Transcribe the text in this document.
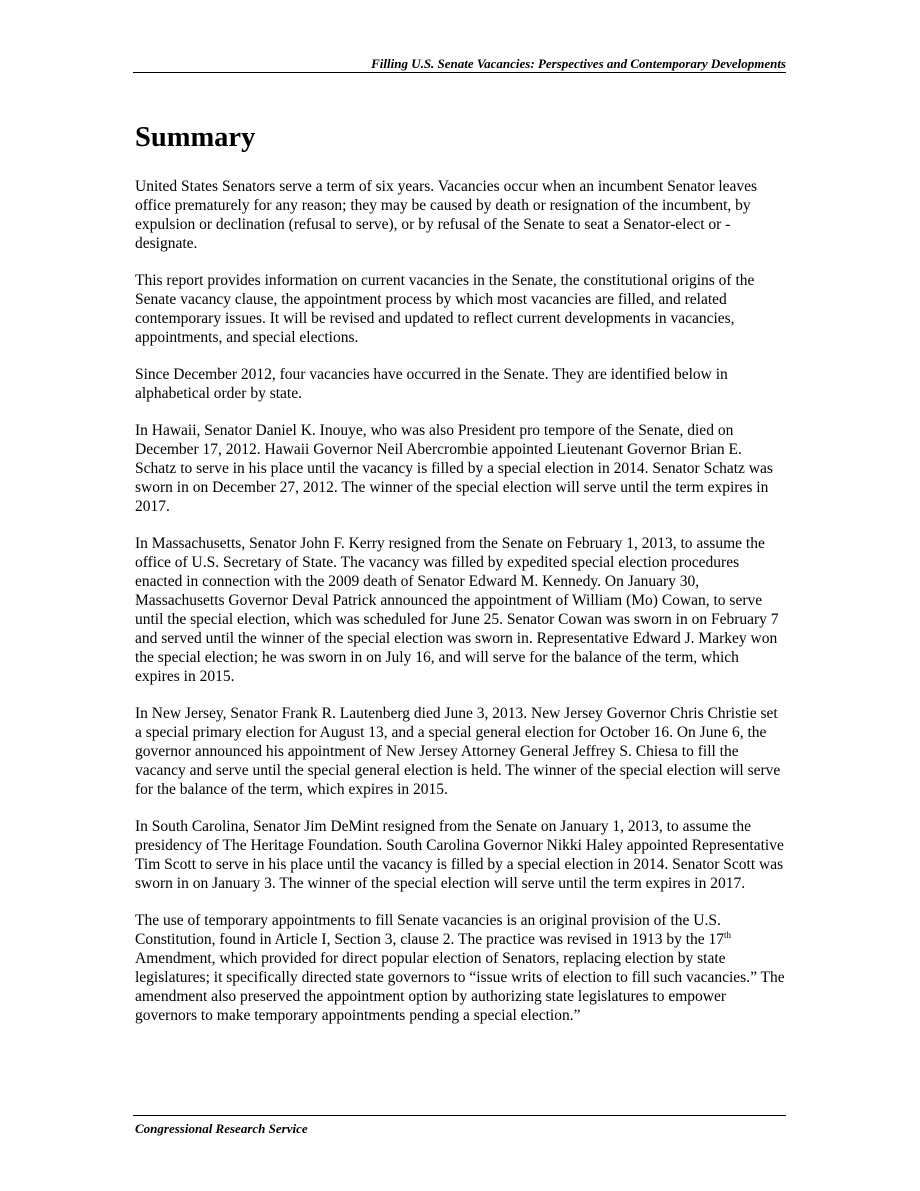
Filling U.S. Senate Vacancies: Perspectives and Contemporary Developments
Summary

United States Senators serve a term of six years. Vacancies occur when an incumbent Senator leaves office prematurely for any reason; they may be caused by death or resignation of the incumbent, by expulsion or declination (refusal to serve), or by refusal of the Senate to seat a Senator-elect or -designate.

This report provides information on current vacancies in the Senate, the constitutional origins of the Senate vacancy clause, the appointment process by which most vacancies are filled, and related contemporary issues. It will be revised and updated to reflect current developments in vacancies, appointments, and special elections.

Since December 2012, four vacancies have occurred in the Senate. They are identified below in alphabetical order by state.

In Hawaii, Senator Daniel K. Inouye, who was also President pro tempore of the Senate, died on December 17, 2012. Hawaii Governor Neil Abercrombie appointed Lieutenant Governor Brian E. Schatz to serve in his place until the vacancy is filled by a special election in 2014. Senator Schatz was sworn in on December 27, 2012. The winner of the special election will serve until the term expires in 2017.

In Massachusetts, Senator John F. Kerry resigned from the Senate on February 1, 2013, to assume the office of U.S. Secretary of State. The vacancy was filled by expedited special election procedures enacted in connection with the 2009 death of Senator Edward M. Kennedy. On January 30, Massachusetts Governor Deval Patrick announced the appointment of William (Mo) Cowan, to serve until the special election, which was scheduled for June 25. Senator Cowan was sworn in on February 7 and served until the winner of the special election was sworn in. Representative Edward J. Markey won the special election; he was sworn in on July 16, and will serve for the balance of the term, which expires in 2015.

In New Jersey, Senator Frank R. Lautenberg died June 3, 2013. New Jersey Governor Chris Christie set a special primary election for August 13, and a special general election for October 16. On June 6, the governor announced his appointment of New Jersey Attorney General Jeffrey S. Chiesa to fill the vacancy and serve until the special general election is held. The winner of the special election will serve for the balance of the term, which expires in 2015.

In South Carolina, Senator Jim DeMint resigned from the Senate on January 1, 2013, to assume the presidency of The Heritage Foundation. South Carolina Governor Nikki Haley appointed Representative Tim Scott to serve in his place until the vacancy is filled by a special election in 2014. Senator Scott was sworn in on January 3. The winner of the special election will serve until the term expires in 2017.

The use of temporary appointments to fill Senate vacancies is an original provision of the U.S. Constitution, found in Article I, Section 3, clause 2. The practice was revised in 1913 by the 17th Amendment, which provided for direct popular election of Senators, replacing election by state legislatures; it specifically directed state governors to “issue writs of election to fill such vacancies.” The amendment also preserved the appointment option by authorizing state legislatures to empower governors to make temporary appointments pending a special election.”

Congressional Research Service
